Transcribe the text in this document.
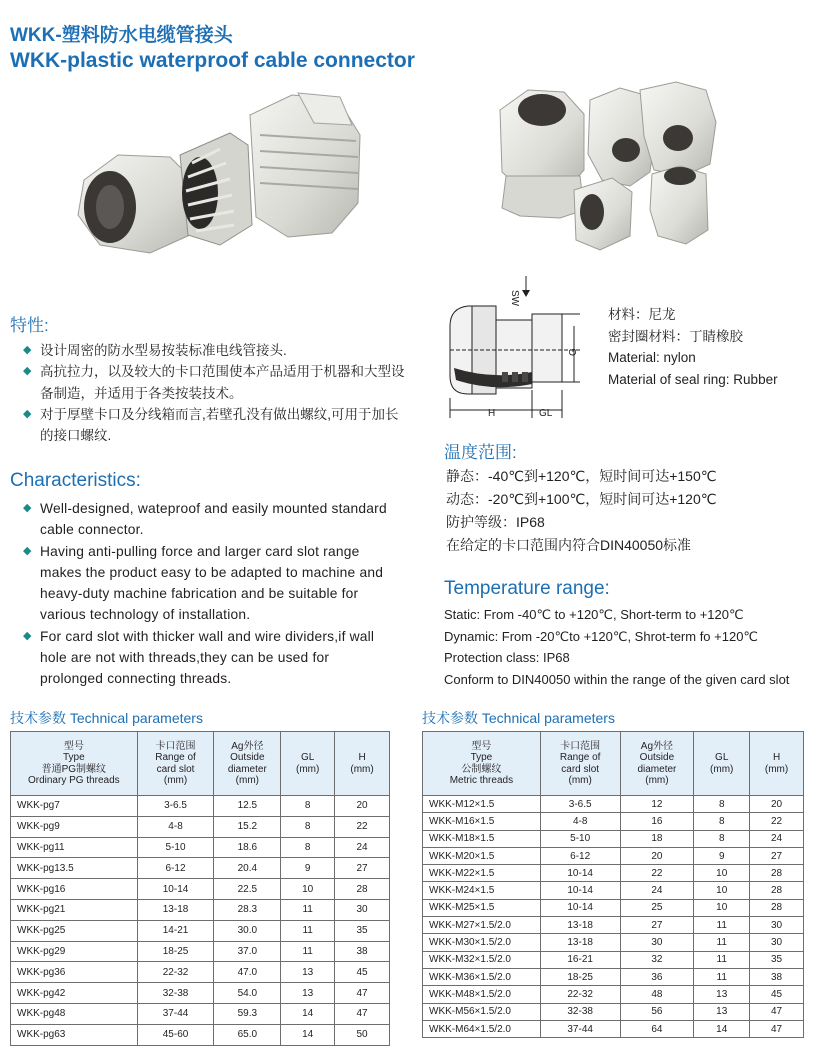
WKK-塑料防水电缆管接头
WKK-plastic waterproof cable connector
特性:
◆ 设计周密的防水型易按装标准电线管接头.
◆ 高抗拉力，以及较大的卡口范围使本产品适用于机器和大型设备制造，并适用于各类按装技术。
◆ 对于厚壁卡口及分线箱而言,若壁孔没有做出螺纹,可用于加长的接口螺纹.
Characteristics:
◆ Well-designed, wateproof and easily mounted standard cable connector.
◆ Having anti-pulling force and larger card slot range makes the product easy to be adapted to machine and heavy-duty machine fabrication and be suitable for various technology of installation.
◆ For card slot with thicker wall and wire dividers,if wall hole are not with threads,they can be used for prolonged connecting threads.
SW
G
H	GL
材料：尼龙
密封圈材料：丁睛橡胶
Material: nylon
Material of seal ring: Rubber
温度范围:
静态：-40℃到+120℃，短时间可达+150℃
动态：-20℃到+100℃，短时间可达+120℃
防护等级：IP68
在给定的卡口范围内符合DIN40050标准
Temperature range:
Static: From -40℃ to +120℃, Short-term to +120℃
Dynamic: From -20℃to +120℃, Shrot-term fo +120℃
Protection class: IP68
Conform to DIN40050 within the range of the given card slot
技术参数 Technical parameters	技术参数 Technical parameters
型号
Type
普通PG制螺纹
Ordinary PG threads	卡口范围
Range of
card slot
(mm)	Ag外径
Outside
diameter
(mm)	GL
(mm)	H
(mm)
WKK-pg7	3-6.5	12.5	8	20
WKK-pg9	4-8	15.2	8	22
WKK-pg11	5-10	18.6	8	24
WKK-pg13.5	6-12	20.4	9	27
WKK-pg16	10-14	22.5	10	28
WKK-pg21	13-18	28.3	11	30
WKK-pg25	14-21	30.0	11	35
WKK-pg29	18-25	37.0	11	38
WKK-pg36	22-32	47.0	13	45
WKK-pg42	32-38	54.0	13	47
WKK-pg48	37-44	59.3	14	47
WKK-pg63	45-60	65.0	14	50
型号
Type
公制螺纹
Metric threads	卡口范围
Range of
card slot
(mm)	Ag外径
Outside
diameter
(mm)	GL
(mm)	H
(mm)
WKK-M12×1.5	3-6.5	12	8	20
WKK-M16×1.5	4-8	16	8	22
WKK-M18×1.5	5-10	18	8	24
WKK-M20×1.5	6-12	20	9	27
WKK-M22×1.5	10-14	22	10	28
WKK-M24×1.5	10-14	24	10	28
WKK-M25×1.5	10-14	25	10	28
WKK-M27×1.5/2.0	13-18	27	11	30
WKK-M30×1.5/2.0	13-18	30	11	30
WKK-M32×1.5/2.0	16-21	32	11	35
WKK-M36×1.5/2.0	18-25	36	11	38
WKK-M48×1.5/2.0	22-32	48	13	45
WKK-M56×1.5/2.0	32-38	56	13	47
WKK-M64×1.5/2.0	37-44	64	14	47
